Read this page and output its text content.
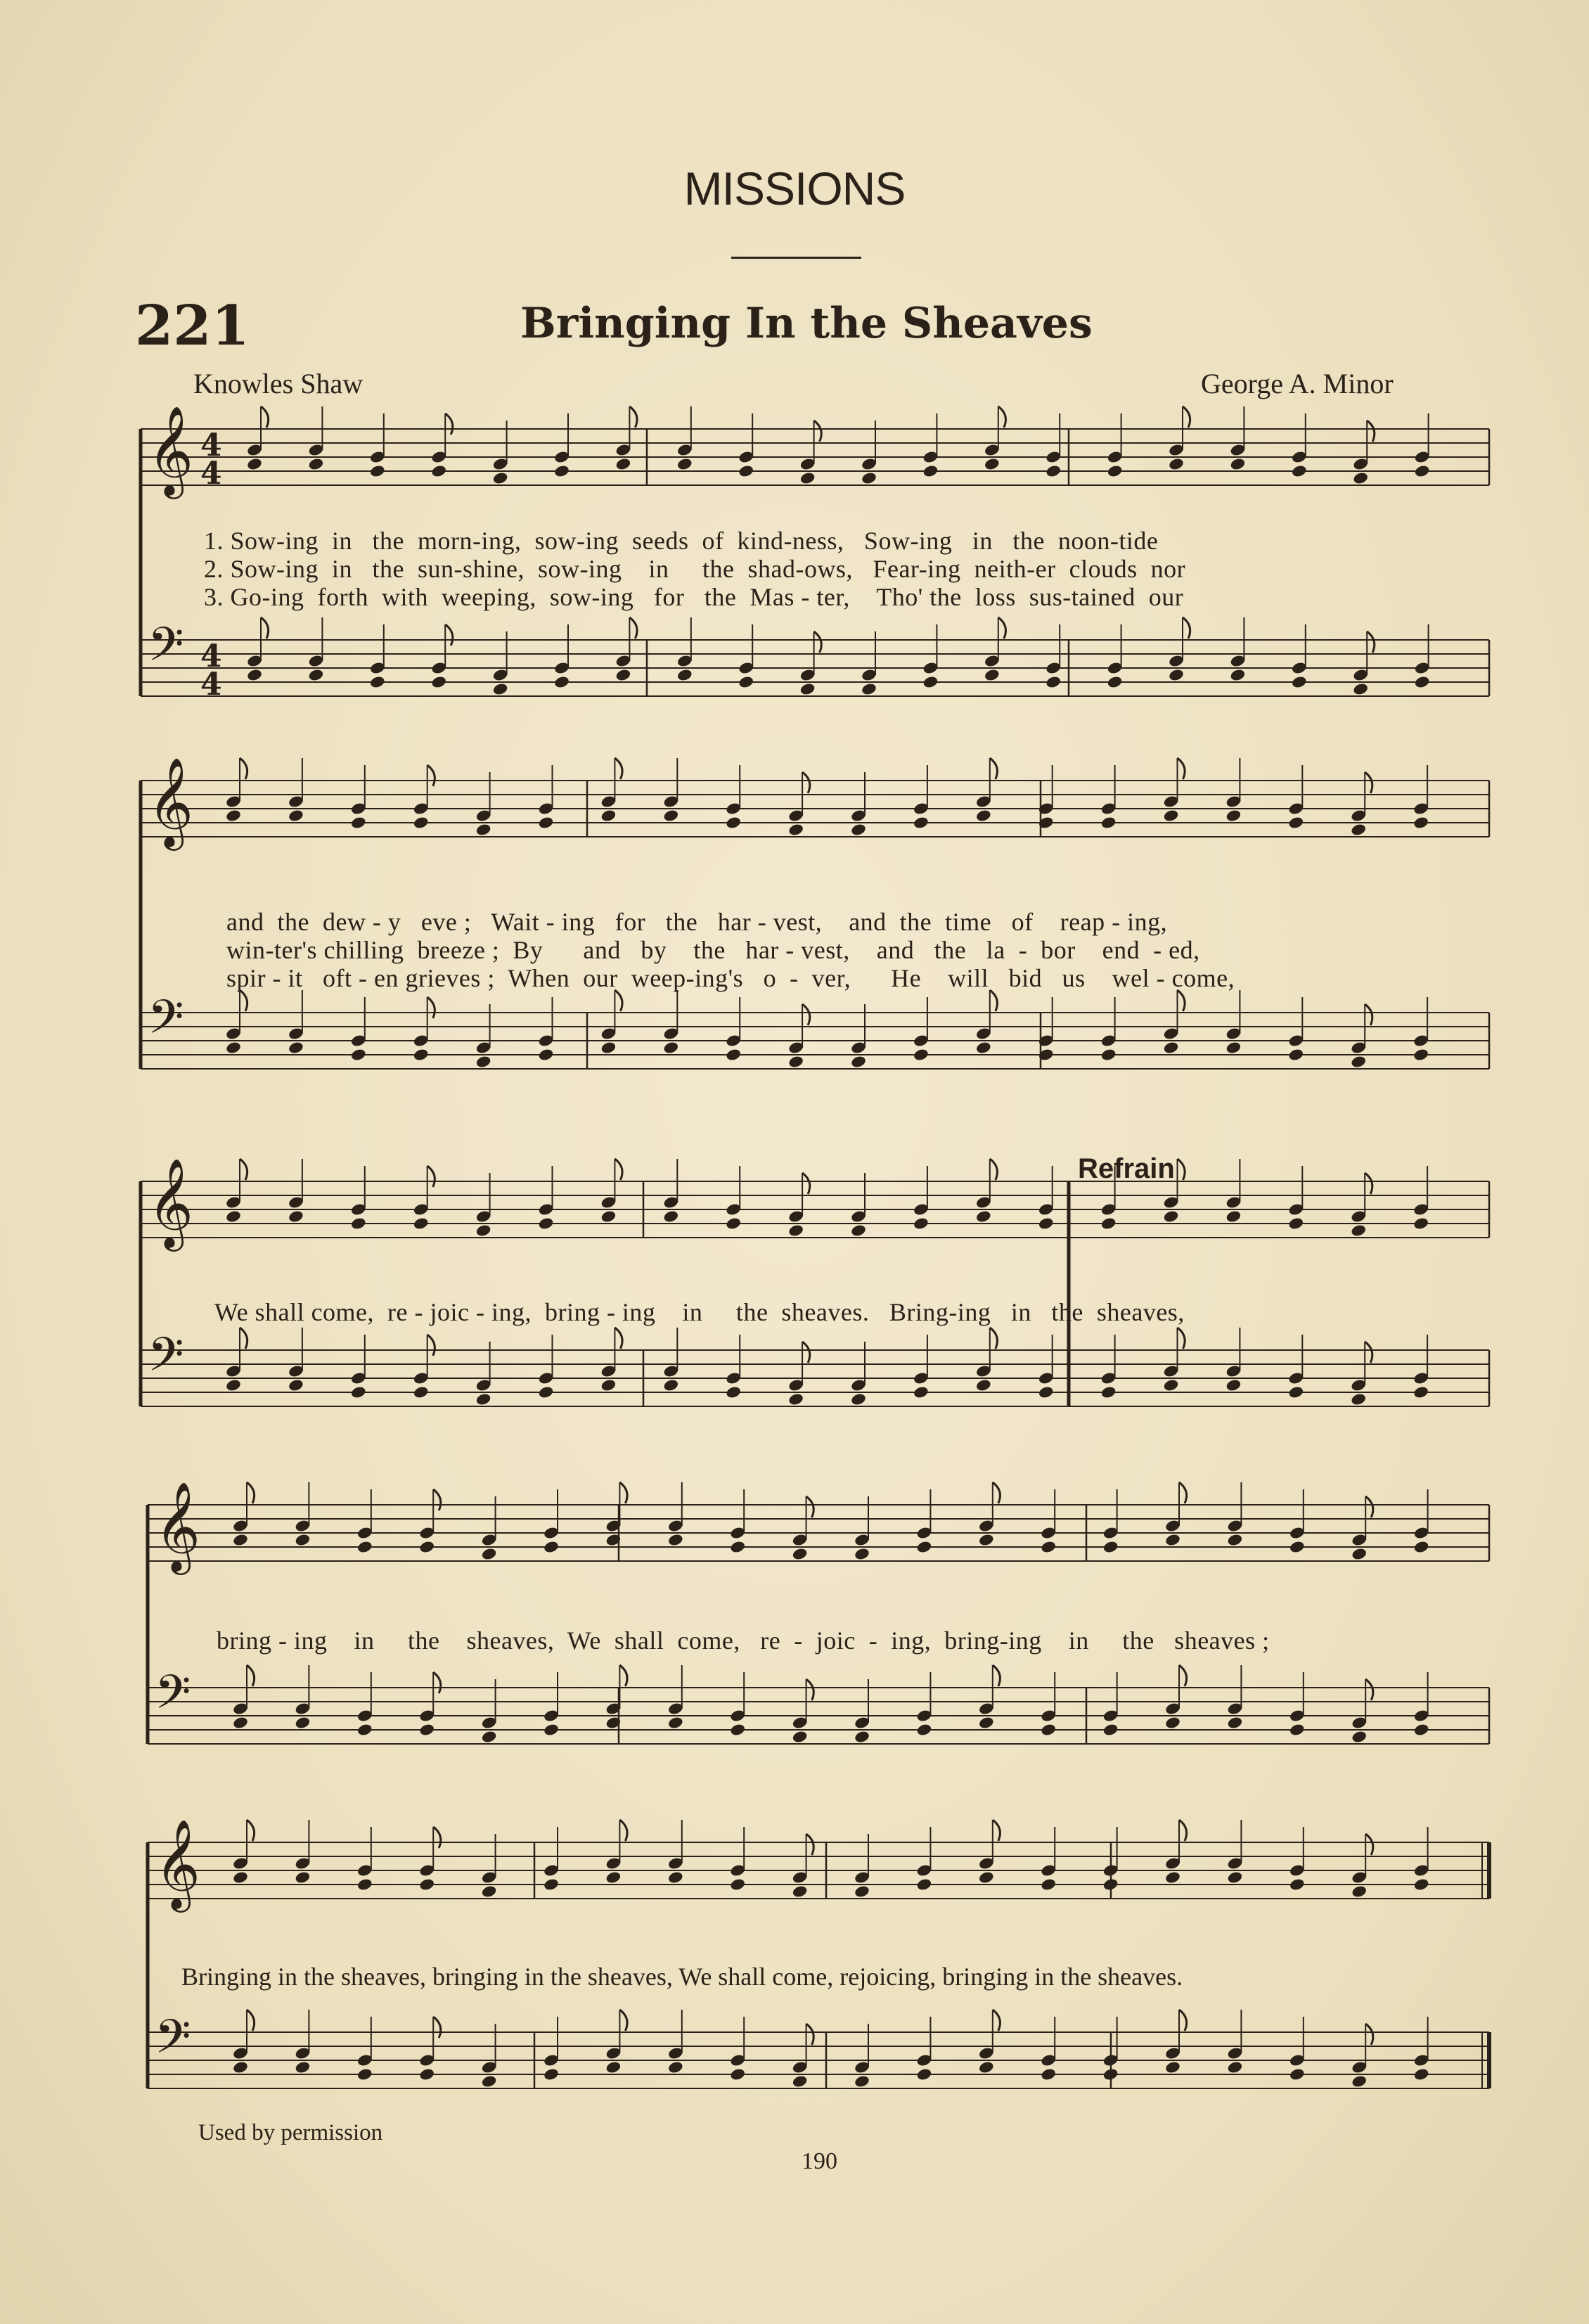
MISSIONS
221	Bringing In the Sheaves
Knowles Shaw	George A. Minor
𝄞 4
4
𝄢 4
4
𝄞
𝄢
𝄞
𝄢
𝄞
𝄢
𝄞
𝄢
1. Sow-ing  in   the  morn-ing,  sow-ing  seeds  of  kind-ness,   Sow-ing   in   the  noon-tide
2. Sow-ing  in   the  sun-shine,  sow-ing    in     the  shad-ows,   Fear-ing  neith-er  clouds  nor
3. Go-ing  forth  with  weeping,  sow-ing   for   the  Mas - ter,    Tho' the  loss  sus-tained  our
and  the  dew - y   eve ;   Wait - ing   for   the   har - vest,    and  the  time   of    reap - ing,
win-ter's chilling  breeze ;  By      and   by    the   har - vest,    and   the   la  -  bor    end  - ed,
spir - it   oft - en grieves ;  When  our  weep-ing's   o  -  ver,      He    will   bid   us    wel - come,
Refrain
We shall come,  re - joic - ing,  bring - ing    in     the  sheaves.   Bring-ing   in   the  sheaves,
bring - ing    in     the    sheaves,  We  shall  come,   re  -  joic  -  ing,  bring-ing    in     the   sheaves ;
Bringing in the sheaves, bringing in the sheaves, We shall come, rejoicing, bringing in the sheaves.
Used by permission
190
